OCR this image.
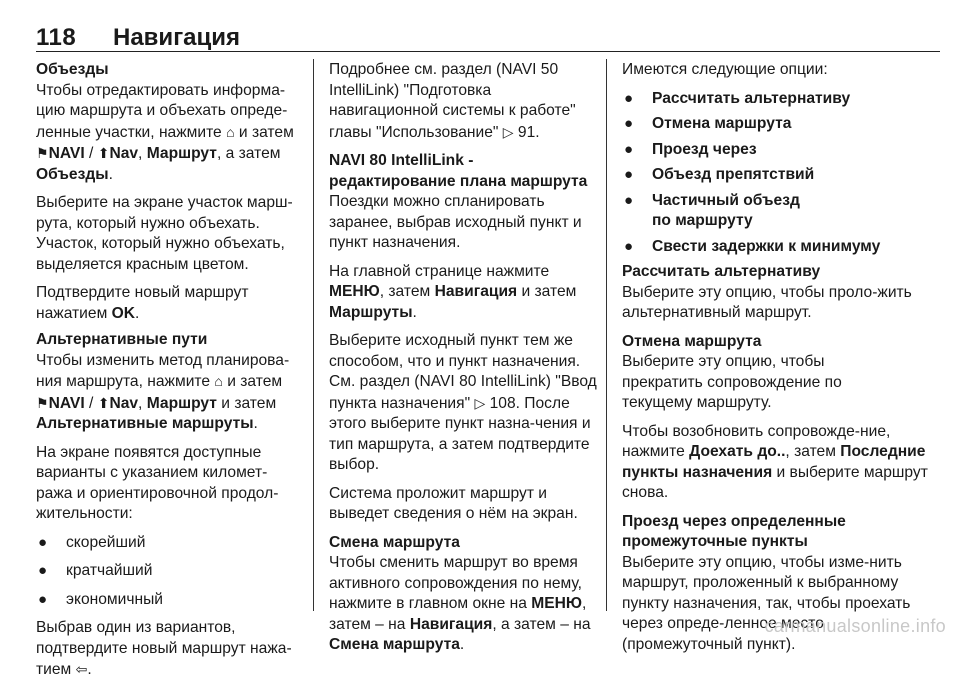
118 Навигация
Объезды

Чтобы отредактировать информа- цию маршрута и объехать опреде- ленные участки, нажмите ⌂ и затем ⚑NAVI / ⬆Nav, Маршрут, а затем Объезды.

Выберите на экране участок марш-рута, который нужно объехать. Участок, который нужно объехать, выделяется красным цветом.

Подтвердите новый маршрут нажатием OK.

Альтернативные пути

Чтобы изменить метод планирова-ния маршрута, нажмите ⌂ и затем ⚑NAVI / ⬆Nav, Маршрут и затем Альтернативные маршруты.

На экране появятся доступные варианты с указанием километ-ража и ориентировочной продол-жительности:

●	скорейший
●	кратчайший
●	экономичный

Выбрав один из вариантов, подтвердите новый маршрут нажа-тием ⇦.

Подробнее см. раздел (NAVI 50 IntelliLink) "Подготовка навигационной системы к работе" главы "Использование" ▷ 91.

NAVI 80 IntelliLink - редактирование плана маршрута

Поездки можно спланировать заранее, выбрав исходный пункт и пункт назначения.

На главной странице нажмите МЕНЮ, затем Навигация и затем Маршруты.

Выберите исходный пункт тем же способом, что и пункт назначения. См. раздел (NAVI 80 IntelliLink) "Ввод пункта назначения" ▷ 108. После этого выберите пункт назна-чения и тип маршрута, а затем подтвердите выбор.

Система проложит маршрут и выведет сведения о нём на экран.

Смена маршрута

Чтобы сменить маршрут во время активного сопровождения по нему, нажмите в главном окне на МЕНЮ, затем – на Навигация, а затем – на Смена маршрута.

Имеются следующие опции:

●	Рассчитать альтернативу
●	Отмена маршрута
●	Проезд через
●	Объезд препятствий
●	Частичный объезд по маршруту
●	Свести задержки к минимуму
Рассчитать альтернативу

Выберите эту опцию, чтобы проло-жить альтернативный маршрут.

Отмена маршрута

Выберите эту опцию, чтобы прекратить сопровождение по текущему маршруту.

Чтобы возобновить сопровожде-ние, нажмите Доехать до.., затем Последние пункты назначения и выберите маршрут снова.

Проезд через определенные промежуточные пункты

Выберите эту опцию, чтобы изме-нить маршрут, проложенный к выбранному пункту назначения, так, чтобы проехать через опреде-ленное место (промежуточный пункт).

carmanualsonline.info
